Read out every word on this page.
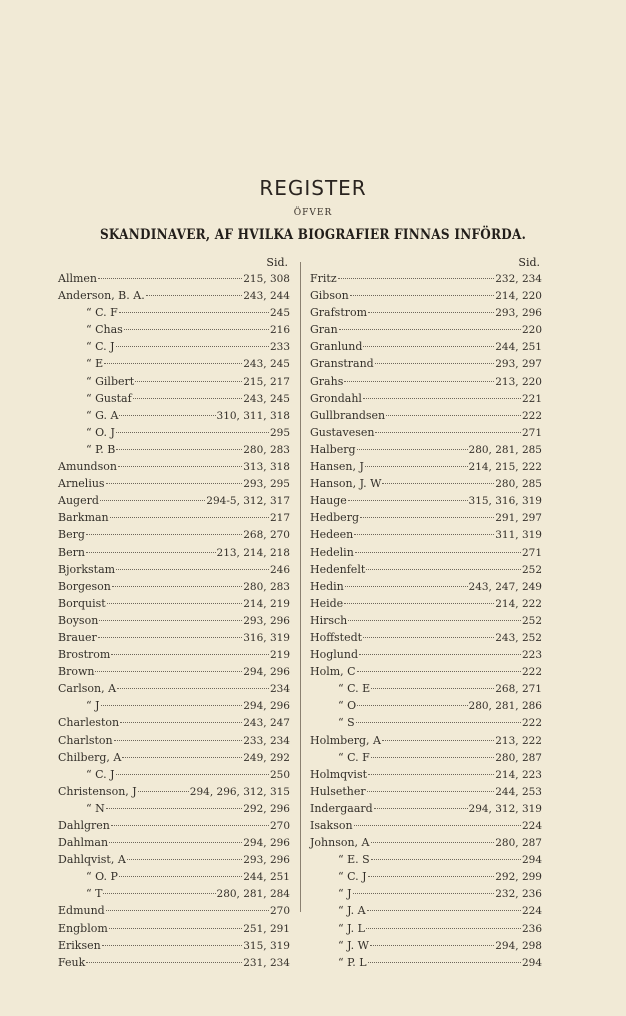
REGISTER
ÖFVER
SKANDINAVER, AF HVILKA BIOGRAFIER FINNAS INFÖRDA.
Sid.
Allmen	215, 308
Anderson, B. A.	243, 244
“ C. F	245
“ Chas	216
“ C. J	233
“ E	243, 245
“ Gilbert	215, 217
“ Gustaf	243, 245
“ G. A	310, 311, 318
“ O. J	295
“ P. B	280, 283
Amundson	313, 318
Arnelius	293, 295
Augerd	294-5, 312, 317
Barkman	217
Berg	268, 270
Bern	213, 214, 218
Bjorkstam	246
Borgeson	280, 283
Borquist	214, 219
Boyson	293, 296
Brauer	316, 319
Brostrom	219
Brown	294, 296
Carlson, A	234
“ J	294, 296
Charleston	243, 247
Charlston	233, 234
Chilberg, A	249, 292
“ C. J	250
Christenson, J	294, 296, 312, 315
“ N	292, 296
Dahlgren	270
Dahlman	294, 296
Dahlqvist, A	293, 296
“ O. P	244, 251
“ T	280, 281, 284
Edmund	270
Engblom	251, 291
Eriksen	315, 319
Feuk	231, 234
Sid.
Fritz	232, 234
Gibson	214, 220
Grafstrom	293, 296
Gran	220
Granlund	244, 251
Granstrand	293, 297
Grahs	213, 220
Grondahl	221
Gullbrandsen	222
Gustavesen	271
Halberg	280, 281, 285
Hansen, J	214, 215, 222
Hanson, J. W	280, 285
Hauge	315, 316, 319
Hedberg	291, 297
Hedeen	311, 319
Hedelin	271
Hedenfelt	252
Hedin	243, 247, 249
Heide	214, 222
Hirsch	252
Hoffstedt	243, 252
Hoglund	223
Holm, C	222
“ C. E	268, 271
“ O	280, 281, 286
“ S	222
Holmberg, A	213, 222
“ C. F	280, 287
Holmqvist	214, 223
Hulsether	244, 253
Indergaard	294, 312, 319
Isakson	224
Johnson, A	280, 287
“ E. S	294
“ C. J	292, 299
“ J	232, 236
“ J. A	224
“ J. L	236
“ J. W	294, 298
“ P. L	294
